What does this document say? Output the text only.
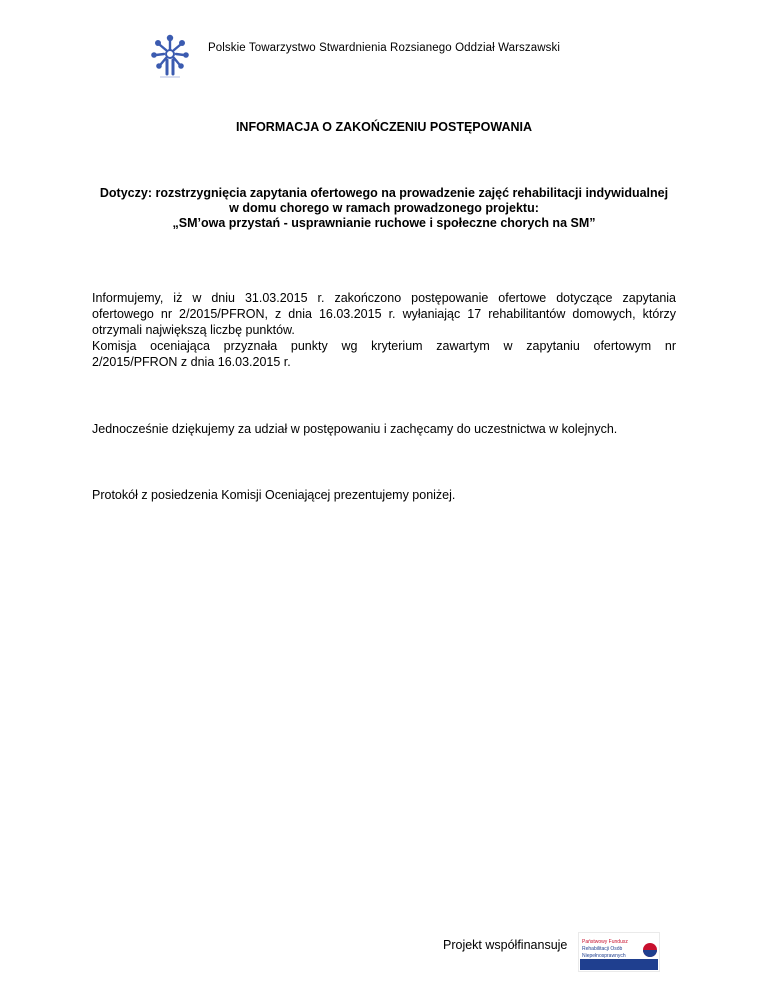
Polskie Towarzystwo Stwardnienia Rozsianego Oddział Warszawski
INFORMACJA O ZAKOŃCZENIU POSTĘPOWANIA
Dotyczy: rozstrzygnięcia zapytania ofertowego na prowadzenie zajęć rehabilitacji indywidualnej
w domu chorego w ramach prowadzonego projektu:
„SM’owa przystań - usprawnianie ruchowe i społeczne chorych na SM”
Informujemy, iż w dniu 31.03.2015 r. zakończono postępowanie ofertowe dotyczące zapytania
ofertowego nr 2/2015/PFRON, z dnia 16.03.2015 r. wyłaniając 17 rehabilitantów domowych, którzy
otrzymali największą liczbę punktów.
Komisja oceniająca przyznała punkty wg kryterium zawartym w zapytaniu ofertowym nr
2/2015/PFRON z dnia 16.03.2015 r.
Jednocześnie dziękujemy za udział w postępowaniu i zachęcamy do uczestnictwa w kolejnych.
Protokół z posiedzenia Komisji Oceniającej prezentujemy poniżej.
Projekt współfinansuje	Państwowy Fundusz
Rehabilitacji Osób
Niepełnosprawnych
